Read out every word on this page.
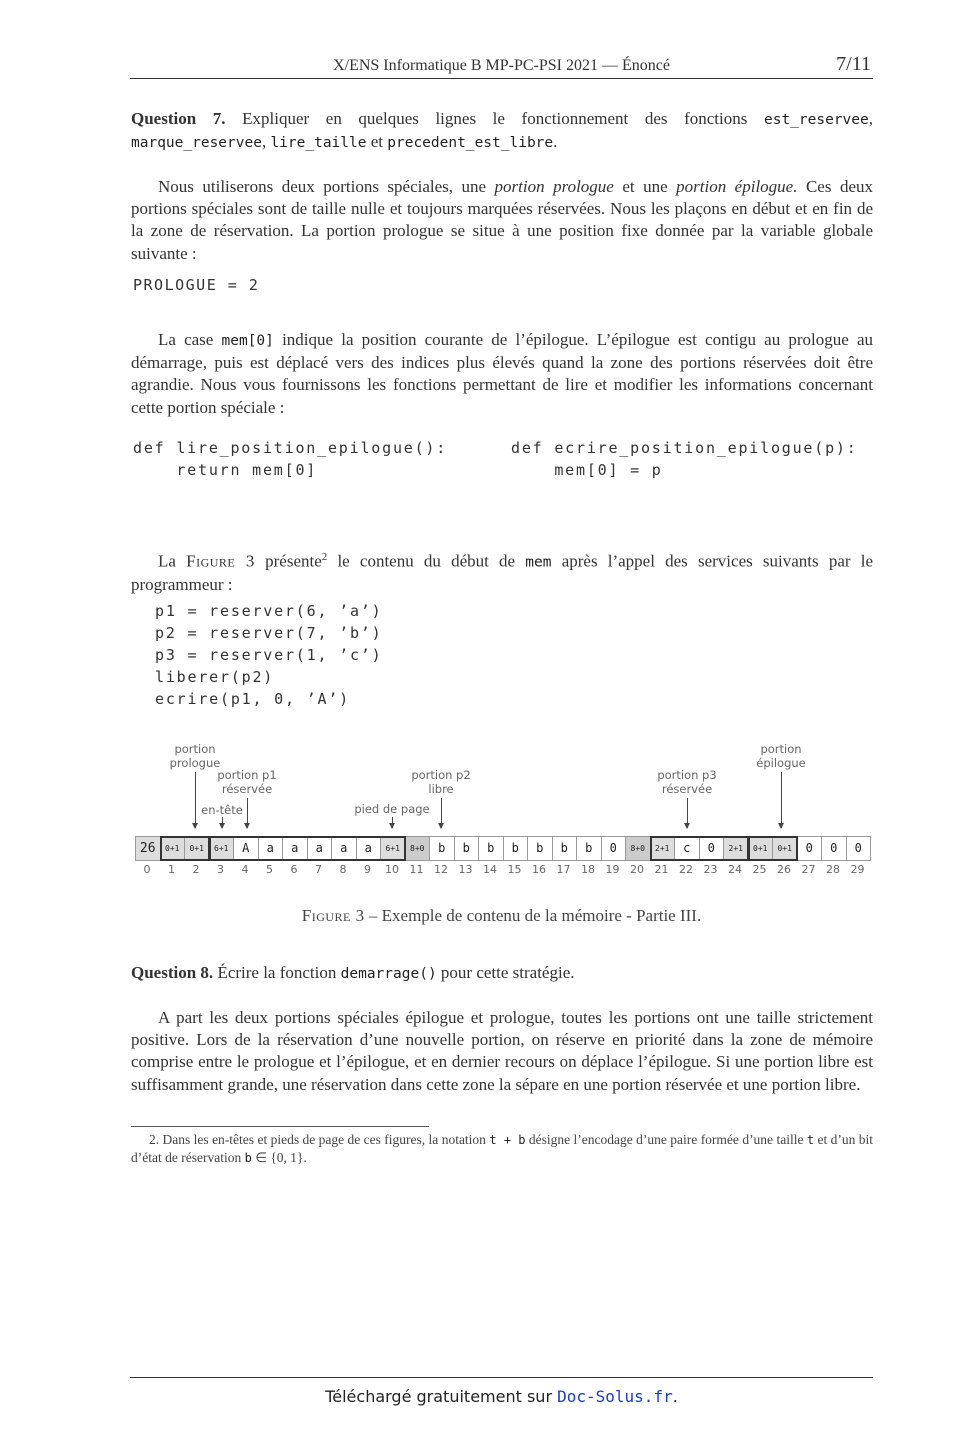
X/ENS Informatique B MP-PC-PSI 2021 — Énoncé	7/11
Question 7. Expliquer en quelques lignes le fonctionnement des fonctions est_reservee, marque_reservee, lire_taille et precedent_est_libre.
Nous utiliserons deux portions spéciales, une portion prologue et une portion épilogue. Ces deux portions spéciales sont de taille nulle et toujours marquées réservées. Nous les plaçons en début et en fin de la zone de réservation. La portion prologue se situe à une position fixe donnée par la variable globale suivante :
PROLOGUE = 2
La case mem[0] indique la position courante de l’épilogue. L’épilogue est contigu au prologue au démarrage, puis est déplacé vers des indices plus élevés quand la zone des portions réservées doit être agrandie. Nous vous fournissons les fonctions permettant de lire et modifier les informations concernant cette portion spéciale :
def lire_position_epilogue():
return mem[0]
def ecrire_position_epilogue(p):
mem[0] = p
La Figure 3 présente$^2$ le contenu du début de mem après l’appel des services suivants par le programmeur :
p1 = reserver(6, ’a’)
p2 = reserver(7, ’b’)
p3 = reserver(1, ’c’)
liberer(p2)
ecrire(p1, 0, ’A’)
portion
prologue
portion p1
réservée
en-tête	pied de page
portion p2
libre
portion p3
réservée
portion
épilogue
26
0
0+1
1
0+1
2
6+1
3
A
4
a
5
a
6
a
7
a
8
a
9
6+1
10
8+0
11
b
12
b
13
b
14
b
15
b
16
b
17
b
18
0
19
8+0
20
2+1
21
c
22
0
23
2+1
24
0+1
25
0+1
26
0
27
0
28
0
29
Figure 3 – Exemple de contenu de la mémoire - Partie III.
Question 8. Écrire la fonction demarrage() pour cette stratégie.
A part les deux portions spéciales épilogue et prologue, toutes les portions ont une taille strictement positive. Lors de la réservation d’une nouvelle portion, on réserve en priorité dans la zone de mémoire comprise entre le prologue et l’épilogue, et en dernier recours on déplace l’épilogue. Si une portion libre est suffisamment grande, une réservation dans cette zone la sépare en une portion réservée et une portion libre.
2. Dans les en-têtes et pieds de page de ces figures, la notation t + b désigne l’encodage d’une paire formée d’une taille t et d’un bit d’état de réservation b ∈ {0, 1}.
Téléchargé gratuitement sur Doc-Solus.fr.
